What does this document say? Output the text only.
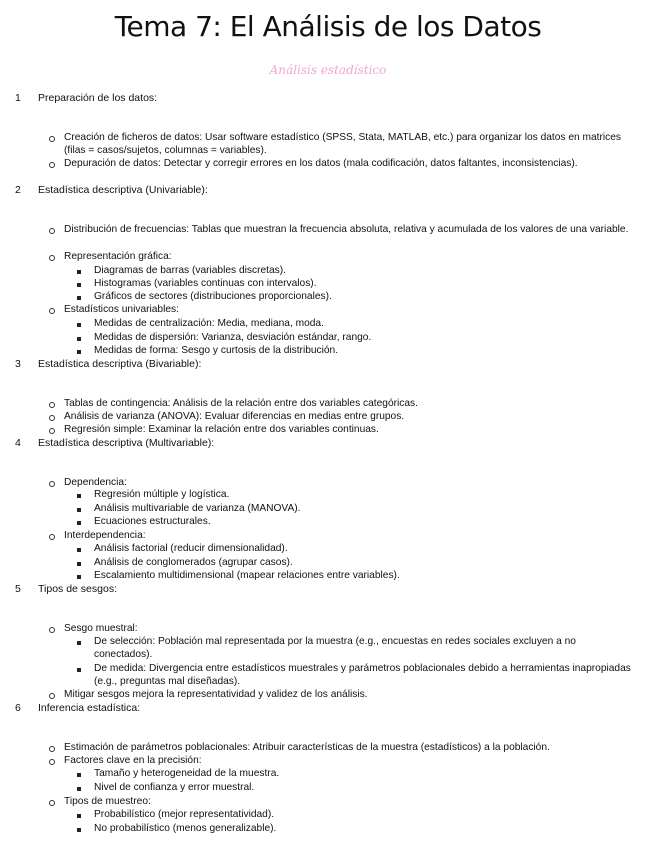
Tema 7: El Análisis de los Datos
Análisis estadístico
1 Preparación de los datos:
Creación de ficheros de datos: Usar software estadístico (SPSS, Stata, MATLAB, etc.) para organizar los datos en matrices (filas = casos/sujetos, columnas = variables).
Depuración de datos: Detectar y corregir errores en los datos (mala codificación, datos faltantes, inconsistencias).
2 Estadística descriptiva (Univariable):
Distribución de frecuencias: Tablas que muestran la frecuencia absoluta, relativa y acumulada de los valores de una variable.
Representación gráfica:
Diagramas de barras (variables discretas).
Histogramas (variables continuas con intervalos).
Gráficos de sectores (distribuciones proporcionales).
Estadísticos univariables:
Medidas de centralización: Media, mediana, moda.
Medidas de dispersión: Varianza, desviación estándar, rango.
Medidas de forma: Sesgo y curtosis de la distribución.
3 Estadística descriptiva (Bivariable):
Tablas de contingencia: Análisis de la relación entre dos variables categóricas.
Análisis de varianza (ANOVA): Evaluar diferencias en medias entre grupos.
Regresión simple: Examinar la relación entre dos variables continuas.
4 Estadística descriptiva (Multivariable):
Dependencia:
Regresión múltiple y logística.
Análisis multivariable de varianza (MANOVA).
Ecuaciones estructurales.
Interdependencia:
Análisis factorial (reducir dimensionalidad).
Análisis de conglomerados (agrupar casos).
Escalamiento multidimensional (mapear relaciones entre variables).
5 Tipos de sesgos:
Sesgo muestral:
De selección: Población mal representada por la muestra (e.g., encuestas en redes sociales excluyen a no conectados).
De medida: Divergencia entre estadísticos muestrales y parámetros poblacionales debido a herramientas inapropiadas (e.g., preguntas mal diseñadas).
Mitigar sesgos mejora la representatividad y validez de los análisis.
6 Inferencia estadística:
Estimación de parámetros poblacionales: Atribuir características de la muestra (estadísticos) a la población.
Factores clave en la precisión:
Tamaño y heterogeneidad de la muestra.
Nivel de confianza y error muestral.
Tipos de muestreo:
Probabilístico (mejor representatividad).
No probabilístico (menos generalizable).
